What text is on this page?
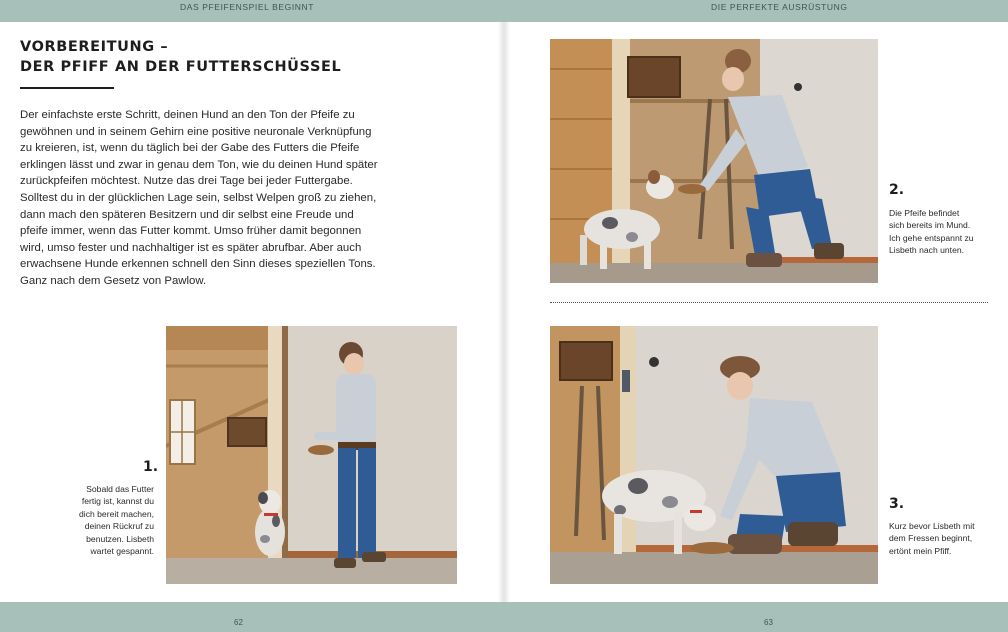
DAS PFEIFENSPIEL BEGINNT	DIE PERFEKTE AUSRÜSTUNG
VORBEREITUNG –
DER PFIFF AN DER FUTTERSCHÜSSEL
Der einfachste erste Schritt, deinen Hund an den Ton der Pfeife zu
gewöhnen und in seinem Gehirn eine positive neuronale Verknüpfung
zu kreieren, ist, wenn du täglich bei der Gabe des Futters die Pfeife
erklingen lässt und zwar in genau dem Ton, wie du deinen Hund später
zurückpfeifen möchtest. Nutze das drei Tage bei jeder Futtergabe.
Solltest du in der glücklichen Lage sein, selbst Welpen groß zu ziehen,
dann mach den späteren Besitzern und dir selbst eine Freude und
pfeife immer, wenn das Futter kommt. Umso früher damit begonnen
wird, umso fester und nachhaltiger ist es später abrufbar. Aber auch
erwachsene Hunde erkennen schnell den Sinn dieses speziellen Tons.
Ganz nach dem Gesetz von Pawlow.
1.
Sobald das Futter
fertig ist, kannst du
dich bereit machen,
deinen Rückruf zu
benutzen. Lisbeth
wartet gespannt.
2.
Die Pfeife befindet
sich bereits im Mund.
Ich gehe entspannt zu
Lisbeth nach unten.
3.
Kurz bevor Lisbeth mit
dem Fressen beginnt,
ertönt mein Pfiff.
62	63
